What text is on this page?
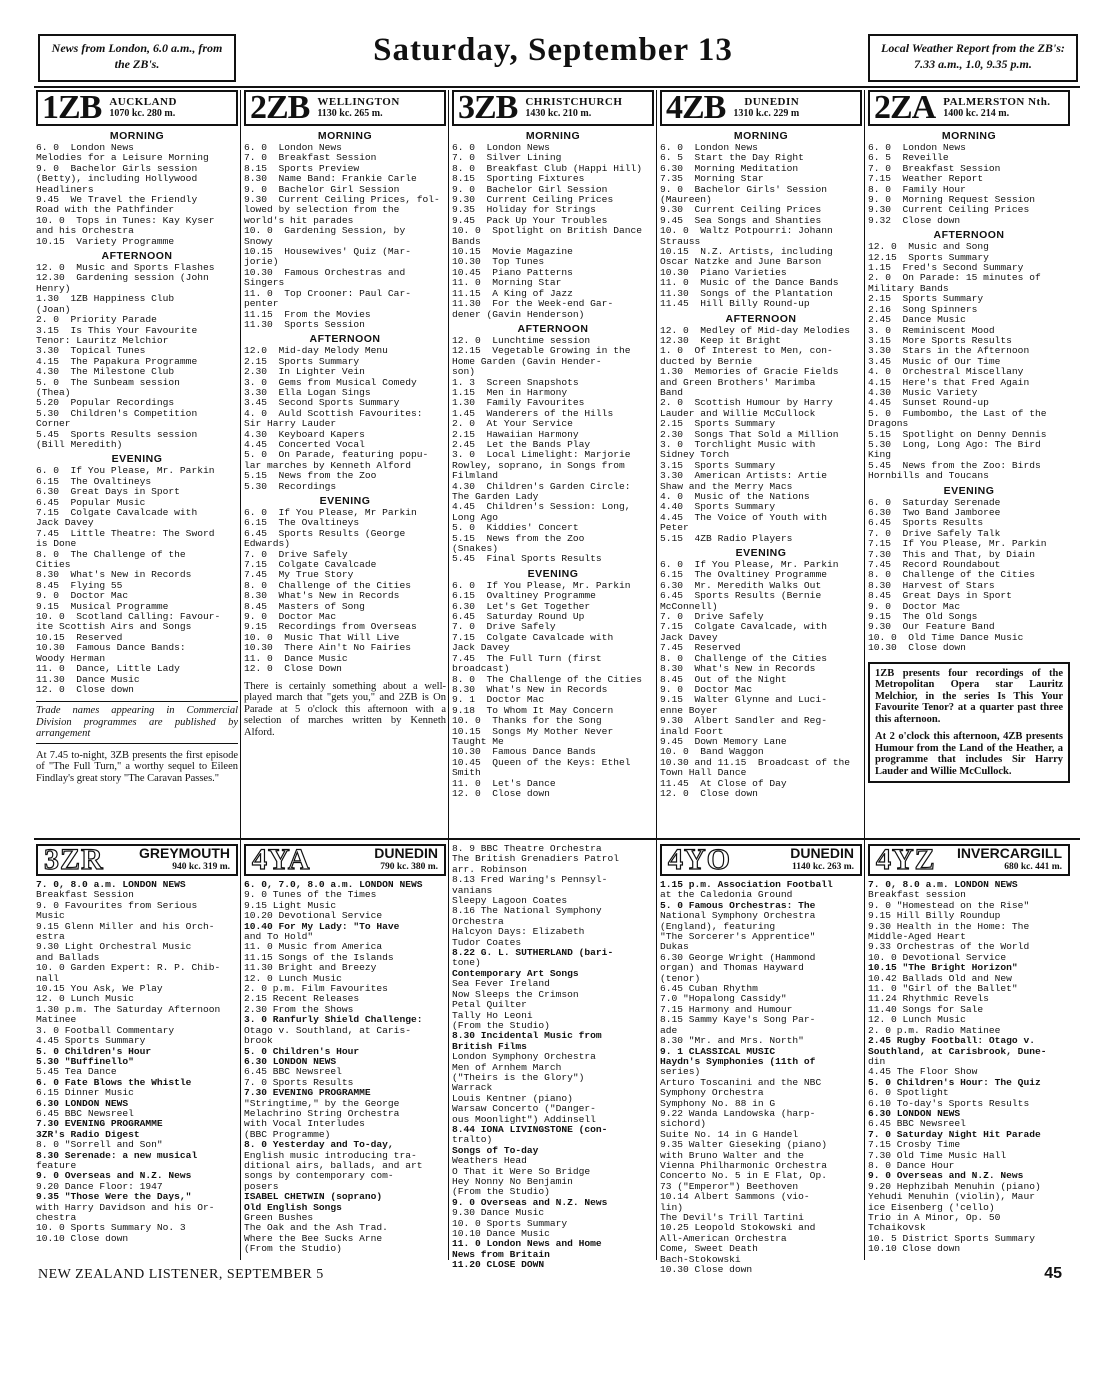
News from London, 6.0 a.m., from the ZB's.	Saturday, September 13	Local Weather Report from the ZB's: 7.33 a.m., 1.0, 9.35 p.m.
1ZB AUCKLAND
1070 kc. 280 m.
MORNING
6. 0  London News
Melodies for a Leisure Morning
9. 0  Bachelor Girls session
(Betty), including Hollywood
Headliners
9.45  We Travel the Friendly
Road with the Pathfinder
10. 0  Tops in Tunes: Kay Kyser
and his Orchestra
10.15  Variety Programme
AFTERNOON
12. 0  Music and Sports Flashes
12.30  Gardening session (John
Henry)
1.30  1ZB Happiness Club
(Joan)
2. 0  Priority Parade
3.15  Is This Your Favourite
Tenor: Lauritz Melchior
3.30  Topical Tunes
4.15  The Papakura Programme
4.30  The Milestone Club
5. 0  The Sunbeam session
(Thea)
5.20  Popular Recordings
5.30  Children's Competition
Corner
5.45  Sports Results session
(Bill Meredith)
EVENING
6. 0  If You Please, Mr. Parkin
6.15  The Ovaltineys
6.30  Great Days in Sport
6.45  Popular Music
7.15  Colgate Cavalcade with
Jack Davey
7.45  Little Theatre: The Sword
is Done
8. 0  The Challenge of the
Cities
8.30  What's New in Records
8.45  Flying 55
9. 0  Doctor Mac
9.15  Musical Programme
10. 0  Scotland Calling: Favour-
ite Scottish Airs and Songs
10.15  Reserved
10.30  Famous Dance Bands:
Woody Herman
11. 0  Dance, Little Lady
11.30  Dance Music
12. 0  Close down
Trade names appearing in Commercial Division programmes are published by arrangement
At 7.45 to-night, 3ZB presents the first episode of "The Full Turn," a worthy sequel to Eileen Findlay's great story "The Caravan Passes."
2ZB WELLINGTON
1130 kc. 265 m.
MORNING
6. 0  London News
7. 0  Breakfast Session
8.15  Sports Preview
8.30  Name Band: Frankie Carle
9. 0  Bachelor Girl Session
9.30  Current Ceiling Prices, fol-
lowed by selection from the
world's hit parades
10. 0  Gardening Session, by
Snowy
10.15  Housewives' Quiz (Mar-
jorie)
10.30  Famous Orchestras and
Singers
11. 0  Top Crooner: Paul Car-
penter
11.15  From the Movies
11.30  Sports Session
AFTERNOON
12.0  Mid-day Melody Menu
2.15  Sports Summary
2.30  In Lighter Vein
3. 0  Gems from Musical Comedy
3.30  Ella Logan Sings
3.45  Second Sports Summary
4. 0  Auld Scottish Favourites:
Sir Harry Lauder
4.30  Keyboard Kapers
4.45  Concerted Vocal
5. 0  On Parade, featuring popu-
lar marches by Kenneth Alford
5.15  News from the Zoo
5.30  Recordings
EVENING
6. 0  If You Please, Mr Parkin
6.15  The Ovaltineys
6.45  Sports Results (George
Edwards)
7. 0  Drive Safely
7.15  Colgate Cavalcade
7.45  My True Story
8. 0  Challenge of the Cities
8.30  What's New in Records
8.45  Masters of Song
9. 0  Doctor Mac
9.15  Recordings from Overseas
10. 0  Music That Will Live
10.30  There Ain't No Fairies
11. 0  Dance Music
12. 0  Close Down
There is certainly something about a well-played march that "gets you," and 2ZB is On Parade at 5 o'clock this afternoon with a selection of marches written by Kenneth Alford.
3ZB CHRISTCHURCH
1430 kc. 210 m.
MORNING
6. 0  London News
7. 0  Silver Lining
8. 0  Breakfast Club (Happi Hill)
8.15  Sporting Fixtures
9. 0  Bachelor Girl Session
9.30  Current Ceiling Prices
9.35  Holiday for Strings
9.45  Pack Up Your Troubles
10. 0  Spotlight on British Dance
Bands
10.15  Movie Magazine
10.30  Top Tunes
10.45  Piano Patterns
11. 0  Morning Star
11.15  A King of Jazz
11.30  For the Week-end Gar-
dener (Gavin Henderson)
AFTERNOON
12. 0  Lunchtime session
12.15  Vegetable Growing in the
Home Garden (Gavin Hender-
son)
1. 3  Screen Snapshots
1.15  Men in Harmony
1.30  Family Favourites
1.45  Wanderers of the Hills
2. 0  At Your Service
2.15  Hawaiian Harmony
2.45  Let the Bands Play
3. 0  Local Limelight: Marjorie
Rowley, soprano, in Songs from
Filmland
4.30  Children's Garden Circle:
The Garden Lady
4.45  Children's Session: Long,
Long Ago
5. 0  Kiddies' Concert
5.15  News from the Zoo
(Snakes)
5.45  Final Sports Results
EVENING
6. 0  If You Please, Mr. Parkin
6.15  Ovaltiney Programme
6.30  Let's Get Together
6.45  Saturday Round Up
7. 0  Drive Safely
7.15  Colgate Cavalcade with
Jack Davey
7.45  The Full Turn (first
broadcast)
8. 0  The Challenge of the Cities
8.30  What's New in Records
9. 1  Doctor Mac
9.18  To Whom It May Concern
10. 0  Thanks for the Song
10.15  Songs My Mother Never
Taught Me
10.30  Famous Dance Bands
10.45  Queen of the Keys: Ethel
Smith
11. 0  Let's Dance
12. 0  Close down
4ZB	DUNEDIN
1310 k.c. 229 m
MORNING
6. 0  London News
6. 5  Start the Day Right
6.30  Morning Meditation
7.35  Morning Star
9. 0  Bachelor Girls' Session
(Maureen)
9.30  Current Ceiling Prices
9.45  Sea Songs and Shanties
10. 0  Waltz Potpourri: Johann
Strauss
10.15  N.Z. Artists, including
Oscar Natzke and June Barson
10.30  Piano Varieties
11. 0  Music of the Dance Bands
11.30  Songs of the Plantation
11.45  Hill Billy Round-up
AFTERNOON
12. 0  Medley of Mid-day Melodies
12.30  Keep it Bright
1. 0  Of Interest to Men, con-
ducted by Bernie
1.30  Memories of Gracie Fields
and Green Brothers' Marimba
Band
2. 0  Scottish Humour by Harry
Lauder and Willie McCullock
2.15  Sports Summary
2.30  Songs That Sold a Million
3. 0  Torchlight Music with
Sidney Torch
3.15  Sports Summary
3.30  American Artists: Artie
Shaw and the Merry Macs
4. 0  Music of the Nations
4.40  Sports Summary
4.45  The Voice of Youth with
Peter
5.15  4ZB Radio Players
EVENING
6. 0  If You Please, Mr. Parkin
6.15  The Ovaltiney Programme
6.30  Mr. Meredith Walks Out
6.45  Sports Results (Bernie
McConnell)
7. 0  Drive Safely
7.15  Colgate Cavalcade, with
Jack Davey
7.45  Reserved
8. 0  Challenge of the Cities
8.30  What's New in Records
8.45  Out of the Night
9. 0  Doctor Mac
9.15  Walter Glynne and Luci-
enne Boyer
9.30  Albert Sandler and Reg-
inald Foort
9.45  Down Memory Lane
10. 0  Band Waggon
10.30 and 11.15  Broadcast of the
Town Hall Dance
11.45  At Close of Day
12. 0  Close down
2ZA PALMERSTON Nth.
1400 kc. 214 m.
MORNING
6. 0  London News
6. 5  Reveille
7. 0  Breakfast Session
7.15  Weather Report
8. 0  Family Hour
9. 0  Morning Request Session
9.30  Current Ceiling Prices
9.32  Close down
AFTERNOON
12. 0  Music and Song
12.15  Sports Summary
1.15  Fred's Second Summary
2. 0  On Parade: 15 minutes of
Military Bands
2.15  Sports Summary
2.16  Song Spinners
2.45  Dance Music
3. 0  Reminiscent Mood
3.15  More Sports Results
3.30  Stars in the Afternoon
3.45  Music of Our Time
4. 0  Orchestral Miscellany
4.15  Here's that Fred Again
4.30  Music Variety
4.45  Sunset Round-up
5. 0  Fumbombo, the Last of the
Dragons
5.15  Spotlight on Denny Dennis
5.30  Long, Long Ago: The Bird
King
5.45  News from the Zoo: Birds
Hornbills and Toucans
EVENING
6. 0  Saturday Serenade
6.30  Two Band Jamboree
6.45  Sports Results
7. 0  Drive Safely Talk
7.15  If You Please, Mr. Parkin
7.30  This and That, by Diain
7.45  Record Roundabout
8. 0  Challenge of the Cities
8.30  Harvest of Stars
8.45  Great Days in Sport
9. 0  Doctor Mac
9.15  The Old Songs
9.30  Our Feature Band
10. 0  Old Time Dance Music
10.30  Close down
1ZB presents four recordings of the Metropolitan Opera star Lauritz Melchior, in the series Is This Your Favourite Tenor? at a quarter past three this afternoon.
At 2 o'clock this afternoon, 4ZB presents Humour from the Land of the Heather, a programme that includes Sir Harry Lauder and Willie McCullock.
3ZR	GREYMOUTH
940 kc. 319 m.
7. 0, 8.0 a.m. LONDON NEWS
Breakfast Session
9. 0 Favourites from Serious
Music
9.15 Glenn Miller and his Orch-
estra
9.30 Light Orchestral Music
and Ballads
10. 0 Garden Expert: R. P. Chib-
nall
10.15 You Ask, We Play
12. 0 Lunch Music
1.30 p.m. The Saturday Afternoon
Matinee
3. 0 Football Commentary
4.45 Sports Summary
5. 0 Children's Hour
5.30 "Buffinello"
5.45 Tea Dance
6. 0 Fate Blows the Whistle
6.15 Dinner Music
6.30 LONDON NEWS
6.45 BBC Newsreel
7.30 EVENING PROGRAMME
3ZR's Radio Digest
8. 0 "Sorrell and Son"
8.30 Serenade: a new musical
feature
9. 0 Overseas and N.Z. News
9.20 Dance Floor: 1947
9.35 "Those Were the Days,"
with Harry Davidson and his Or-
chestra
10. 0 Sports Summary No. 3
10.10 Close down
4YA	DUNEDIN
790 kc. 380 m.
6. 0, 7.0, 8.0 a.m. LONDON NEWS
9. 0 Tunes of the Times
9.15 Light Music
10.20 Devotional Service
10.40 For My Lady: "To Have
and To Hold"
11. 0 Music from America
11.15 Songs of the Islands
11.30 Bright and Breezy
12. 0 Lunch Music
2. 0 p.m. Film Favourites
2.15 Recent Releases
2.30 From the Shows
3. 0 Ranfurly Shield Challenge:
Otago v. Southland, at Caris-
brook
5. 0 Children's Hour
6.30 LONDON NEWS
6.45 BBC Newsreel
7. 0 Sports Results
7.30 EVENING PROGRAMME
"Stringtime," by the George
Melachrino String Orchestra
with Vocal Interludes
(BBC Programme)
8. 0 Yesterday and To-day,
English music introducing tra-
ditional airs, ballads, and art
songs by contemporary com-
posers
ISABEL CHETWIN (soprano)
Old English Songs
Green Bushes
The Oak and the Ash Trad.
Where the Bee Sucks Arne
(From the Studio)
8. 9 BBC Theatre Orchestra
The British Grenadiers Patrol
arr. Robinson
8.13 Fred Waring's Pennsyl-
vanians
Sleepy Lagoon Coates
8.16 The National Symphony
Orchestra
Halcyon Days: Elizabeth
Tudor Coates
8.22 G. L. SUTHERLAND (bari-
tone)
Contemporary Art Songs
Sea Fever Ireland
Now Sleeps the Crimson
Petal Quilter
Tally Ho Leoni
(From the Studio)
8.30 Incidental Music from
British Films
London Symphony Orchestra
Men of Arnhem March
("Theirs is the Glory")
Warrack
Louis Kentner (piano)
Warsaw Concerto ("Danger-
ous Moonlight") Addinsell
8.44 IONA LIVINGSTONE (con-
tralto)
Songs of To-day
Weathers Head
O That it Were So Bridge
Hey Nonny No Benjamin
(From the Studio)
9. 0 Overseas and N.Z. News
9.30 Dance Music
10. 0 Sports Summary
10.10 Dance Music
11. 0 London News and Home
News from Britain
11.20 CLOSE DOWN
4YO	DUNEDIN
1140 kc. 263 m.
1.15 p.m. Association Football
at the Caledonia Ground
5. 0 Famous Orchestras: The
National Symphony Orchestra
(England), featuring
"The Sorcerer's Apprentice"
Dukas
6.30 George Wright (Hammond
organ) and Thomas Hayward
(tenor)
6.45 Cuban Rhythm
7.0 "Hopalong Cassidy"
7.15 Harmony and Humour
8.15 Sammy Kaye's Song Par-
ade
8.30 "Mr. and Mrs. North"
9. 1 CLASSICAL MUSIC
Haydn's Symphonies (11th of
series)
Arturo Toscanini and the NBC
Symphony Orchestra
Symphony No. 88 in G
9.22 Wanda Landowska (harp-
sichord)
Suite No. 14 in G Handel
9.35 Walter Gieseking (piano)
with Bruno Walter and the
Vienna Philharmonic Orchestra
Concerto No. 5 in E Flat, Op.
73 ("Emperor") Beethoven
10.14 Albert Sammons (vio-
lin)
The Devil's Trill Tartini
10.25 Leopold Stokowski and
All-American Orchestra
Come, Sweet Death
Bach-Stokowski
10.30 Close down
4YZ INVERCARGILL
680 kc. 441 m.
7. 0, 8.0 a.m. LONDON NEWS
Breakfast session
9. 0 "Homestead on the Rise"
9.15 Hill Billy Roundup
9.30 Health in the Home: The
Middle-Aged Heart
9.33 Orchestras of the World
10. 0 Devotional Service
10.15 "The Bright Horizon"
10.42 Ballads Old and New
11. 0 "Girl of the Ballet"
11.24 Rhythmic Revels
11.40 Songs for Sale
12. 0 Lunch Music
2. 0 p.m. Radio Matinee
2.45 Rugby Football: Otago v.
Southland, at Carisbrook, Dune-
din
4.45 The Floor Show
5. 0 Children's Hour: The Quiz
6. 0 Spotlight
6.10 To-day's Sports Results
6.30 LONDON NEWS
6.45 BBC Newsreel
7. 0 Saturday Night Hit Parade
7.15 Crosby Time
7.30 Old Time Music Hall
8. 0 Dance Hour
9. 0 Overseas and N.Z. News
9.20 Hephzibah Menuhin (piano)
Yehudi Menuhin (violin), Maur
ice Eisenberg ('cello)
Trio in A Minor, Op. 50
Tchaikovsk
10. 5 District Sports Summary
10.10 Close down
NEW ZEALAND LISTENER, SEPTEMBER 5	45
